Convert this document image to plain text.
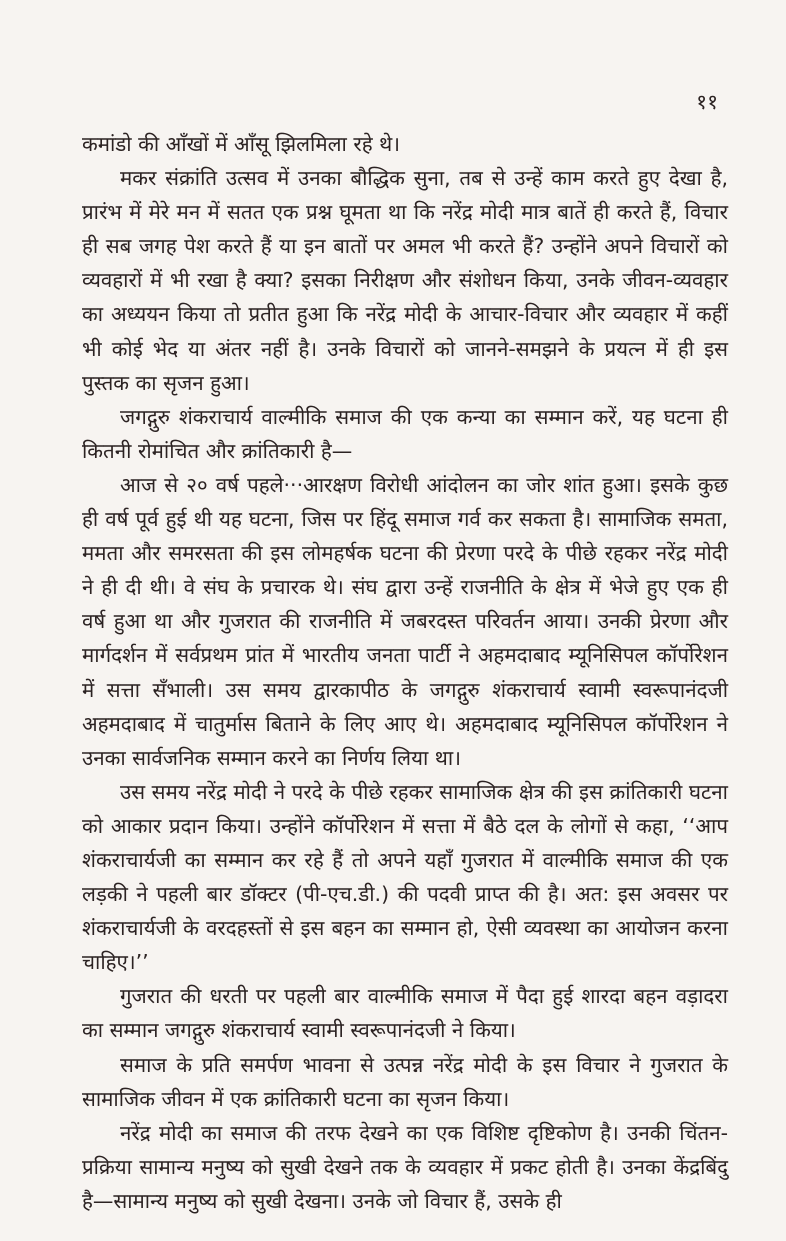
११

कमांडो की आँखों में आँसू झिलमिला रहे थे।

मकर संक्रांति उत्सव में उनका बौद्धिक सुना, तब से उन्हें काम करते हुए देखा है, प्रारंभ में मेरे मन में सतत एक प्रश्न घूमता था कि नरेंद्र मोदी मात्र बातें ही करते हैं, विचार ही सब जगह पेश करते हैं या इन बातों पर अमल भी करते हैं? उन्होंने अपने विचारों को व्यवहारों में भी रखा है क्या? इसका निरीक्षण और संशोधन किया, उनके जीवन-व्यवहार का अध्ययन किया तो प्रतीत हुआ कि नरेंद्र मोदी के आचार-विचार और व्यवहार में कहीं भी कोई भेद या अंतर नहीं है। उनके विचारों को जानने-समझने के प्रयत्न में ही इस पुस्तक का सृजन हुआ।

जगद्गुरु शंकराचार्य वाल्मीकि समाज की एक कन्या का सम्मान करें, यह घटना ही कितनी रोमांचित और क्रांतिकारी है—

आज से २० वर्ष पहले···आरक्षण विरोधी आंदोलन का जोर शांत हुआ। इसके कुछ ही वर्ष पूर्व हुई थी यह घटना, जिस पर हिंदू समाज गर्व कर सकता है। सामाजिक समता, ममता और समरसता की इस लोमहर्षक घटना की प्रेरणा परदे के पीछे रहकर नरेंद्र मोदी ने ही दी थी। वे संघ के प्रचारक थे। संघ द्वारा उन्हें राजनीति के क्षेत्र में भेजे हुए एक ही वर्ष हुआ था और गुजरात की राजनीति में जबरदस्त परिवर्तन आया। उनकी प्रेरणा और मार्गदर्शन में सर्वप्रथम प्रांत में भारतीय जनता पार्टी ने अहमदाबाद म्यूनिसिपल कॉर्पोरेशन में सत्ता सँभाली। उस समय द्वारकापीठ के जगद्गुरु शंकराचार्य स्वामी स्वरूपानंदजी अहमदाबाद में चातुर्मास बिताने के लिए आए थे। अहमदाबाद म्यूनिसिपल कॉर्पोरेशन ने उनका सार्वजनिक सम्मान करने का निर्णय लिया था।

उस समय नरेंद्र मोदी ने परदे के पीछे रहकर सामाजिक क्षेत्र की इस क्रांतिकारी घटना को आकार प्रदान किया। उन्होंने कॉर्पोरेशन में सत्ता में बैठे दल के लोगों से कहा, ‘‘आप शंकराचार्यजी का सम्मान कर रहे हैं तो अपने यहाँ गुजरात में वाल्मीकि समाज की एक लड़की ने पहली बार डॉक्टर (पी-एच.डी.) की पदवी प्राप्त की है। अत: इस अवसर पर शंकराचार्यजी के वरदहस्तों से इस बहन का सम्मान हो, ऐसी व्यवस्था का आयोजन करना चाहिए।’’

गुजरात की धरती पर पहली बार वाल्मीकि समाज में पैदा हुई शारदा बहन वड़ादरा का सम्मान जगद्गुरु शंकराचार्य स्वामी स्वरूपानंदजी ने किया।

समाज के प्रति समर्पण भावना से उत्पन्न नरेंद्र मोदी के इस विचार ने गुजरात के सामाजिक जीवन में एक क्रांतिकारी घटना का सृजन किया।

नरेंद्र मोदी का समाज की तरफ देखने का एक विशिष्ट दृष्टिकोण है। उनकी चिंतन-प्रक्रिया सामान्य मनुष्य को सुखी देखने तक के व्यवहार में प्रकट होती है। उनका केंद्रबिंदु है—सामान्य मनुष्य को सुखी देखना। उनके जो विचार हैं, उसके ही
